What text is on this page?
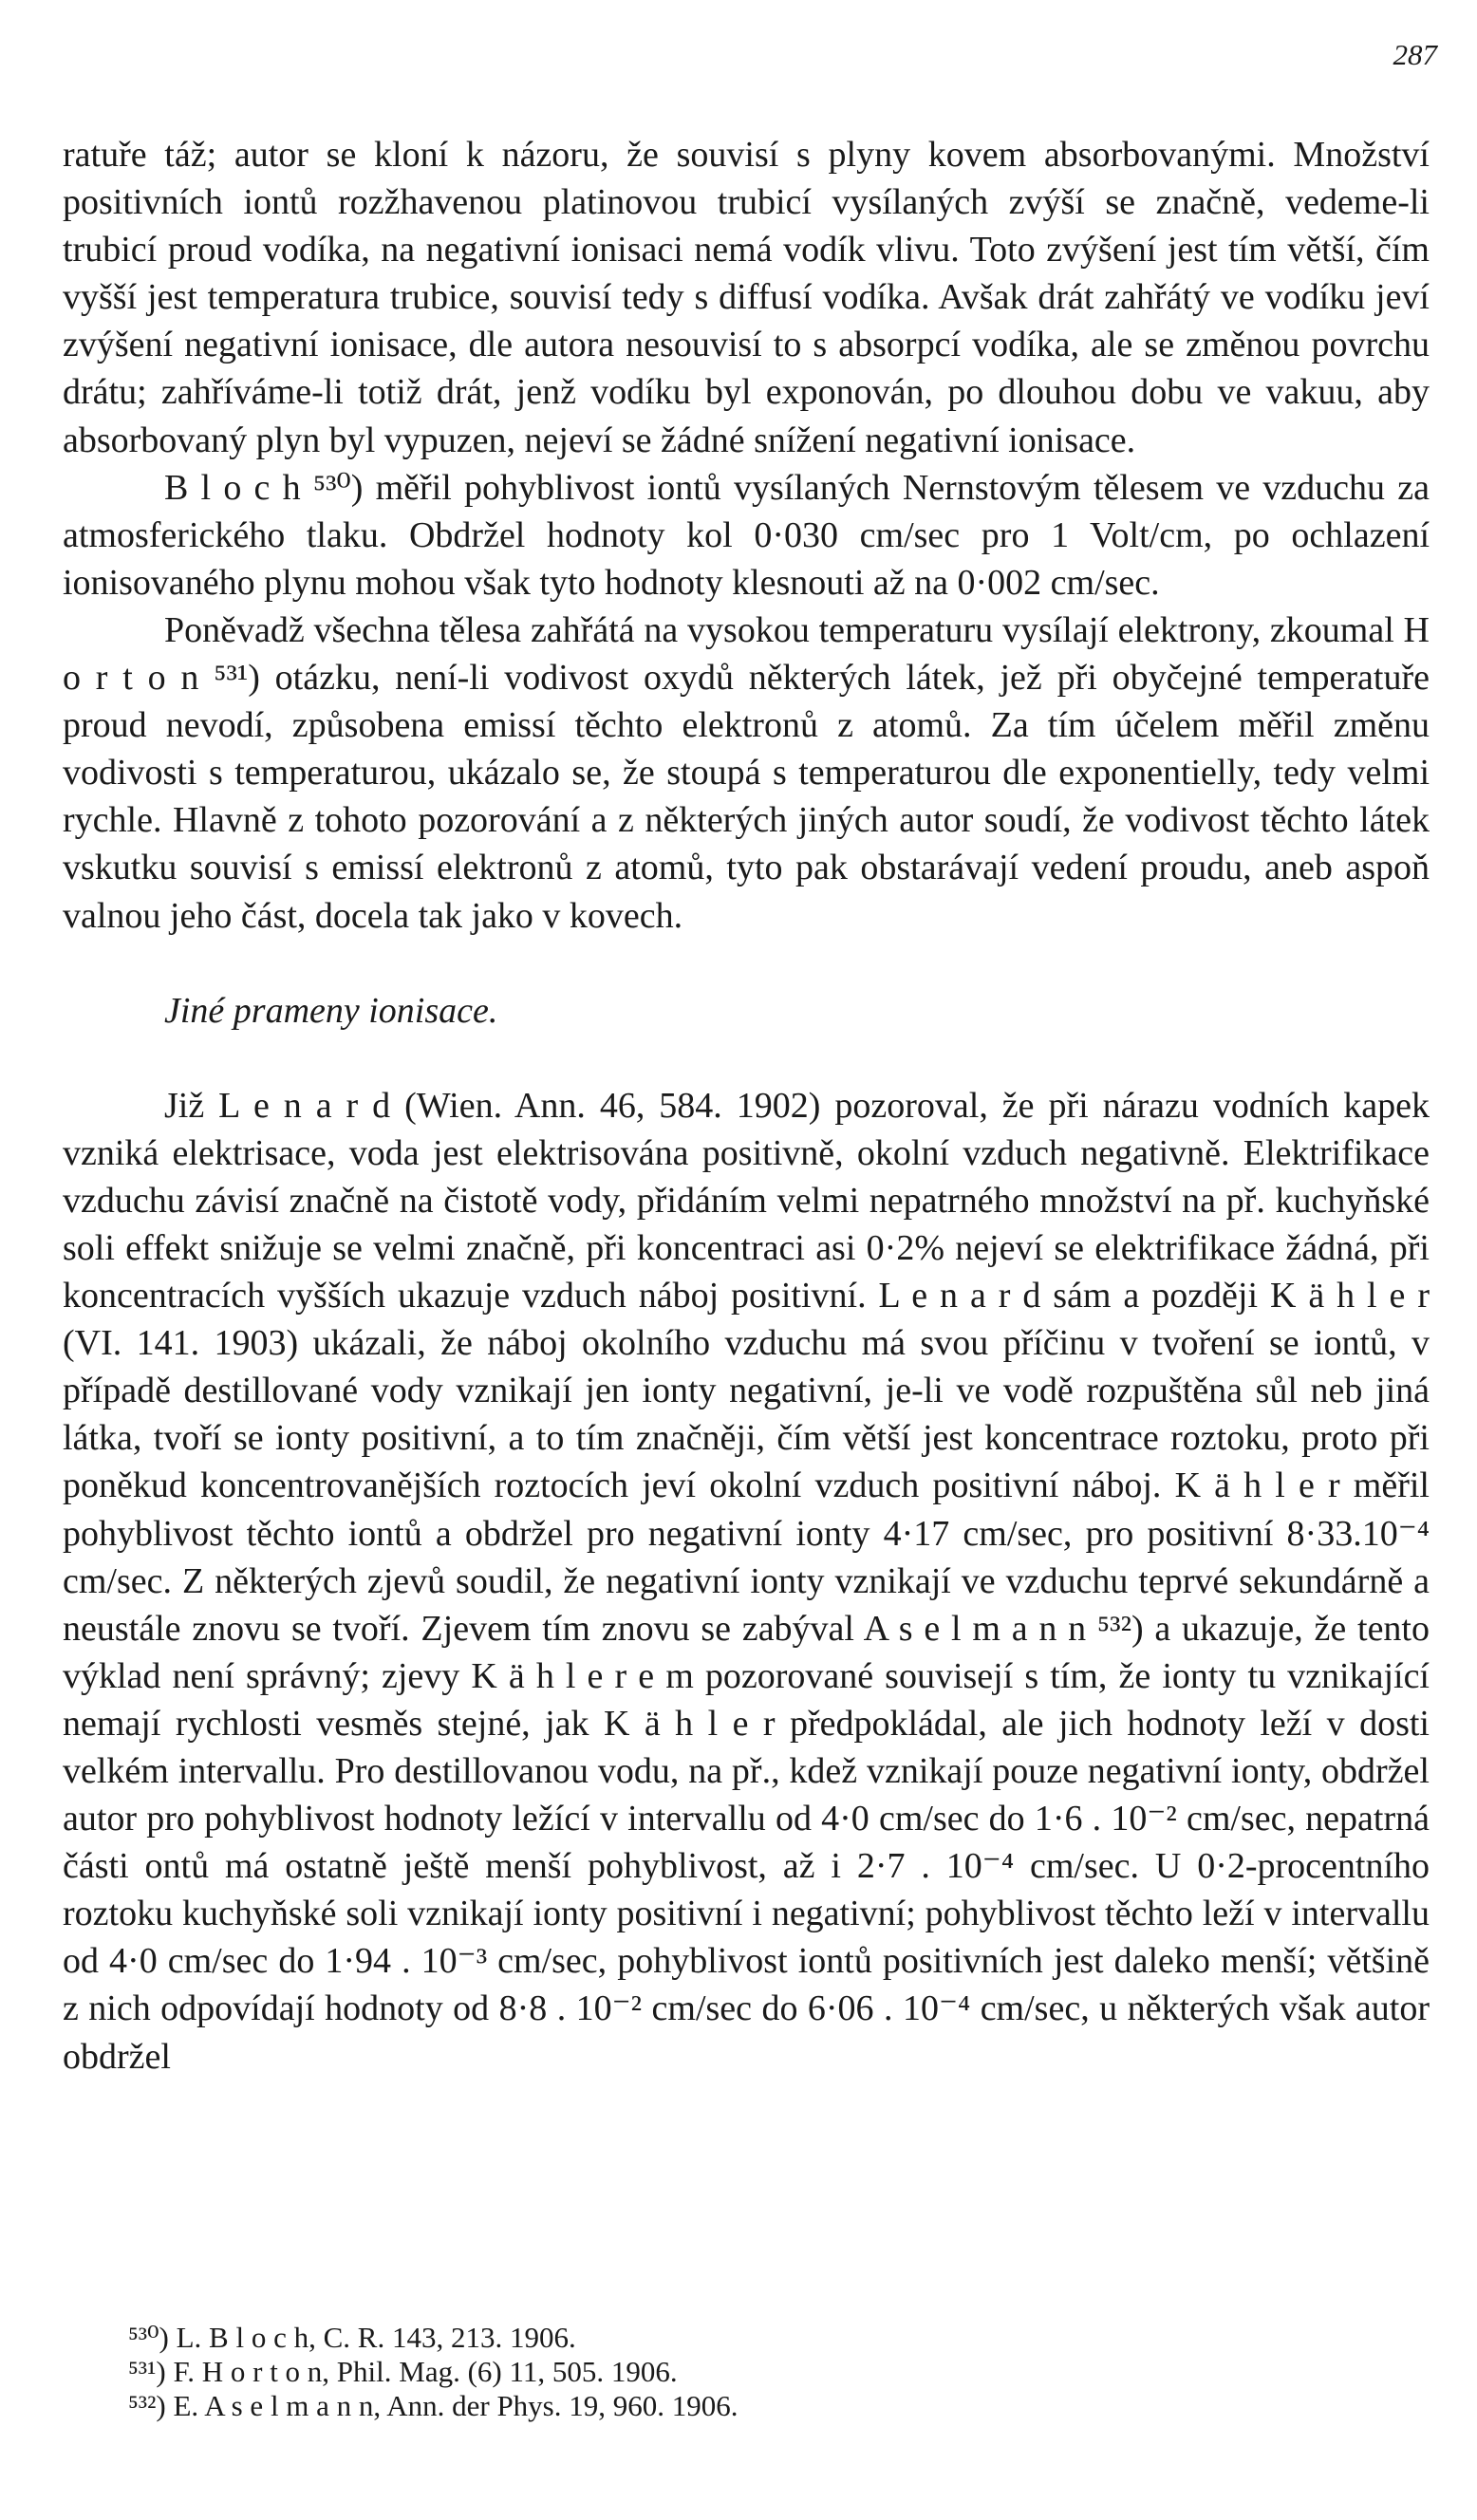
287

ratuře táž; autor se kloní k názoru, že souvisí s plyny kovem absorbovanými. Množství positivních iontů rozžhavenou platinovou trubicí vysílaných zvýší se značně, vedeme-li trubicí proud vodíka, na negativní ionisaci nemá vodík vlivu. Toto zvýšení jest tím větší, čím vyšší jest temperatura trubice, souvisí tedy s diffusí vodíka. Avšak drát zahřátý ve vodíku jeví zvýšení negativní ionisace, dle autora nesouvisí to s absorpcí vodíka, ale se změnou povrchu drátu; zahříváme-li totiž drát, jenž vodíku byl exponován, po dlouhou dobu ve vakuu, aby absorbovaný plyn byl vypuzen, nejeví se žádné snížení negativní ionisace.

B l o c h ⁵³⁰) měřil pohyblivost iontů vysílaných Nernstovým tělesem ve vzduchu za atmosferického tlaku. Obdržel hodnoty kol 0·030 cm/sec pro 1 Volt/cm, po ochlazení ionisovaného plynu mohou však tyto hodnoty klesnouti až na 0·002 cm/sec.

Poněvadž všechna tělesa zahřátá na vysokou temperaturu vysílají elektrony, zkoumal H o r t o n ⁵³¹) otázku, není-li vodivost oxydů některých látek, jež při obyčejné temperatuře proud nevodí, způsobena emissí těchto elektronů z atomů. Za tím účelem měřil změnu vodivosti s temperaturou, ukázalo se, že stoupá s temperaturou dle exponentielly, tedy velmi rychle. Hlavně z tohoto pozorování a z některých jiných autor soudí, že vodivost těchto látek vskutku souvisí s emissí elektronů z atomů, tyto pak obstarávají vedení proudu, aneb aspoň valnou jeho část, docela tak jako v kovech.

Jiné prameny ionisace.

Již L e n a r d (Wien. Ann. 46, 584. 1902) pozoroval, že při nárazu vodních kapek vzniká elektrisace, voda jest elektrisována positivně, okolní vzduch negativně. Elektrifikace vzduchu závisí značně na čistotě vody, přidáním velmi nepatrného množství na př. kuchyňské soli effekt snižuje se velmi značně, při koncentraci asi 0·2% nejeví se elektrifikace žádná, při koncentracích vyšších ukazuje vzduch náboj positivní. L e n a r d sám a později K ä h l e r (VI. 141. 1903) ukázali, že náboj okolního vzduchu má svou příčinu v tvoření se iontů, v případě destillované vody vznikají jen ionty negativní, je-li ve vodě rozpuštěna sůl neb jiná látka, tvoří se ionty positivní, a to tím značněji, čím větší jest koncentrace roztoku, proto při poněkud koncentrovanějších roztocích jeví okolní vzduch positivní náboj. K ä h l e r měřil pohyblivost těchto iontů a obdržel pro negativní ionty 4·17 cm/sec, pro positivní 8·33.10⁻⁴ cm/sec. Z některých zjevů soudil, že negativní ionty vznikají ve vzduchu teprvé sekundárně a neustále znovu se tvoří. Zjevem tím znovu se zabýval A s e l m a n n ⁵³²) a ukazuje, že tento výklad není správný; zjevy K ä h l e r e m pozorované souvisejí s tím, že ionty tu vznikající nemají rychlosti vesměs stejné, jak K ä h l e r předpokládal, ale jich hodnoty leží v dosti velkém intervallu. Pro destillovanou vodu, na př., kdež vznikají pouze negativní ionty, obdržel autor pro pohyblivost hodnoty ležící v intervallu od 4·0 cm/sec do 1·6 . 10⁻² cm/sec, nepatrná části ontů má ostatně ještě menší pohyblivost, až i 2·7 . 10⁻⁴ cm/sec. U 0·2-procentního roztoku kuchyňské soli vznikají ionty positivní i negativní; pohyblivost těchto leží v intervallu od 4·0 cm/sec do 1·94 . 10⁻³ cm/sec, pohyblivost iontů positivních jest daleko menší; většině z nich odpovídají hodnoty od 8·8 . 10⁻² cm/sec do 6·06 . 10⁻⁴ cm/sec, u některých však autor obdržel

⁵³⁰) L. B l o c h, C. R. 143, 213. 1906.

⁵³¹) F. H o r t o n, Phil. Mag. (6) 11, 505. 1906.

⁵³²) E. A s e l m a n n, Ann. der Phys. 19, 960. 1906.
